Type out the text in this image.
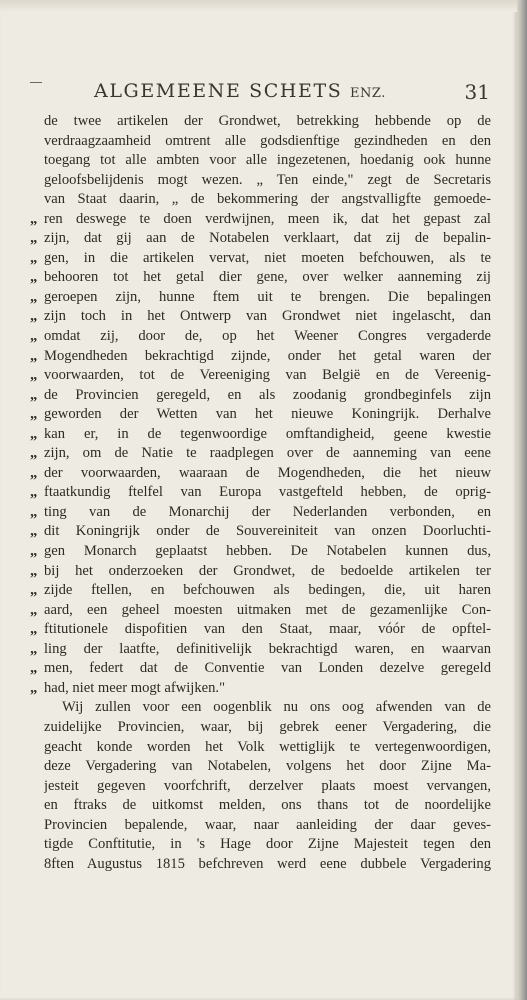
ALGEMEENE SCHETS ENZ.	31
de twee artikelen der Grondwet, betrekking hebbende op de
verdraagzaamheid omtrent alle godsdienftige gezindheden en den
toegang tot alle ambten voor alle ingezetenen, hoedanig ook hunne
geloofsbelijdenis mogt wezen. „ Ten einde," zegt de Secretaris
van Staat daarin, „ de bekommering der angstvalligfte gemoede-
„ ren deswege te doen verdwijnen, meen ik, dat het gepast zal
„ zijn, dat gij aan de Notabelen verklaart, dat zij de bepalin-
„ gen, in die artikelen vervat, niet moeten befchouwen, als te
„ behooren tot het getal dier gene, over welker aanneming zij
„ geroepen zijn, hunne ftem uit te brengen. Die bepalingen
„ zijn toch in het Ontwerp van Grondwet niet ingelascht, dan
„ omdat zij, door de, op het Weener Congres vergaderde
„ Mogendheden bekrachtigd zijnde, onder het getal waren der
„ voorwaarden, tot de Vereeniging van België en de Vereenig-
„ de Provincien geregeld, en als zoodanig grondbeginfels zijn
„ geworden der Wetten van het nieuwe Koningrijk. Derhalve
„ kan er, in de tegenwoordige omftandigheid, geene kwestie
„ zijn, om de Natie te raadplegen over de aanneming van eene
„ der voorwaarden, waaraan de Mogendheden, die het nieuw
„ ftaatkundig ftelfel van Europa vastgefteld hebben, de oprig-
„ ting van de Monarchij der Nederlanden verbonden, en
„ dit Koningrijk onder de Souvereiniteit van onzen Doorluchti-
„ gen Monarch geplaatst hebben. De Notabelen kunnen dus,
„ bij het onderzoeken der Grondwet, de bedoelde artikelen ter
„ zijde ftellen, en befchouwen als bedingen, die, uit haren
„ aard, een geheel moesten uitmaken met de gezamenlijke Con-
„ ftitutionele dispofitien van den Staat, maar, vóór de opftel-
„ ling der laatfte, definitivelijk bekrachtigd waren, en waarvan
„ men, federt dat de Conventie van Londen dezelve geregeld
„ had, niet meer mogt afwijken."
Wij zullen voor een oogenblik nu ons oog afwenden van de
zuidelijke Provincien, waar, bij gebrek eener Vergadering, die
geacht konde worden het Volk wettiglijk te vertegenwoordigen,
deze Vergadering van Notabelen, volgens het door Zijne Ma-
jesteit gegeven voorfchrift, derzelver plaats moest vervangen,
en ftraks de uitkomst melden, ons thans tot de noordelijke
Provincien bepalende, waar, naar aanleiding der daar geves-
tigde Conftitutie, in 's Hage door Zijne Majesteit tegen den
8ften Augustus 1815 befchreven werd eene dubbele Vergadering
